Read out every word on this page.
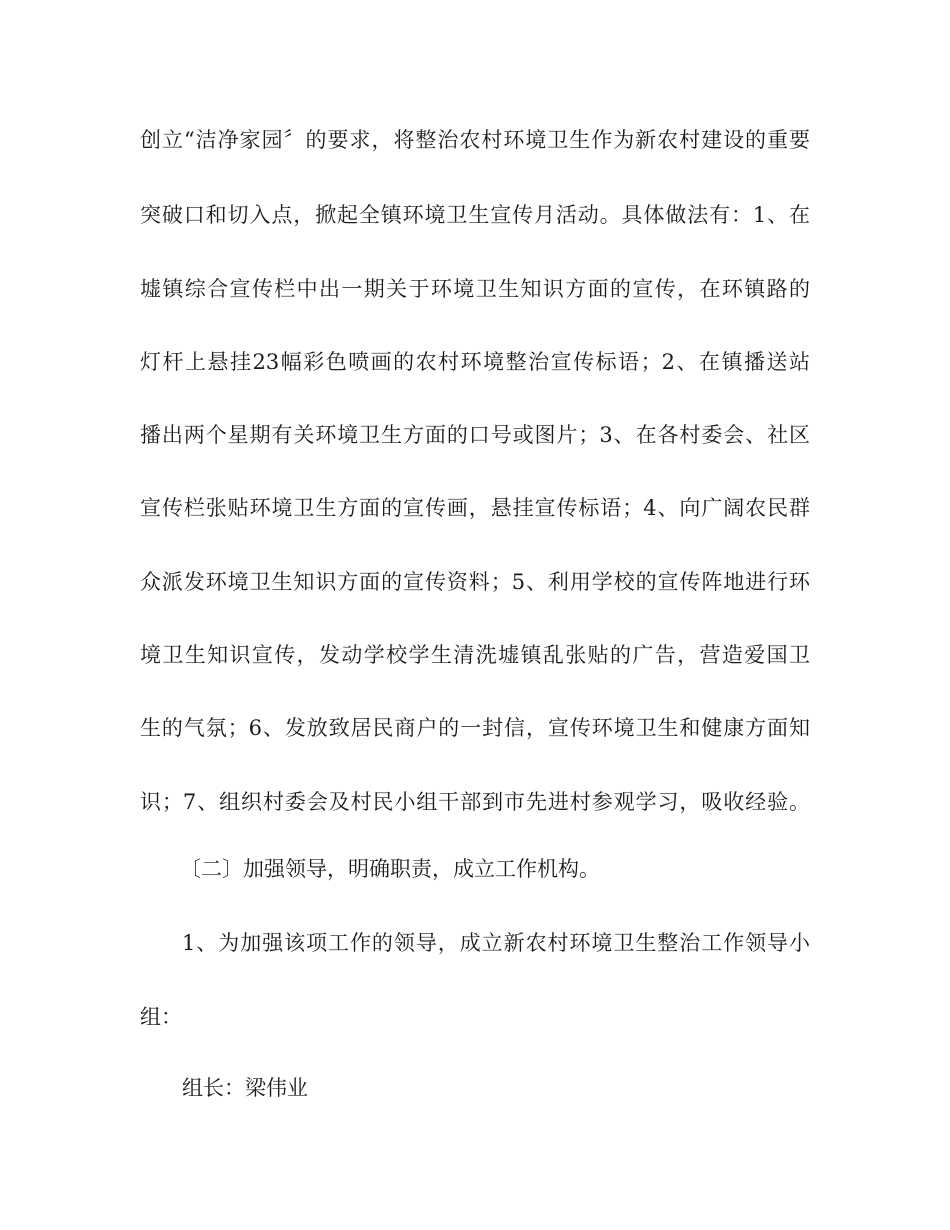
创立“洁净家园〞的要求，将整治农村环境卫生作为新农村建设的重要

突破口和切入点，掀起全镇环境卫生宣传月活动。具体做法有：1、在

墟镇综合宣传栏中出一期关于环境卫生知识方面的宣传，在环镇路的

灯杆上悬挂23幅彩色喷画的农村环境整治宣传标语；2、在镇播送站

播出两个星期有关环境卫生方面的口号或图片；3、在各村委会、社区

宣传栏张贴环境卫生方面的宣传画，悬挂宣传标语；4、向广阔农民群

众派发环境卫生知识方面的宣传资料；5、利用学校的宣传阵地进行环

境卫生知识宣传，发动学校学生清洗墟镇乱张贴的广告，营造爱国卫

生的气氛；6、发放致居民商户的一封信，宣传环境卫生和健康方面知

识；7、组织村委会及村民小组干部到市先进村参观学习，吸收经验。

〔二〕加强领导，明确职责，成立工作机构。

1、为加强该项工作的领导，成立新农村环境卫生整治工作领导小

组：

组长：梁伟业
